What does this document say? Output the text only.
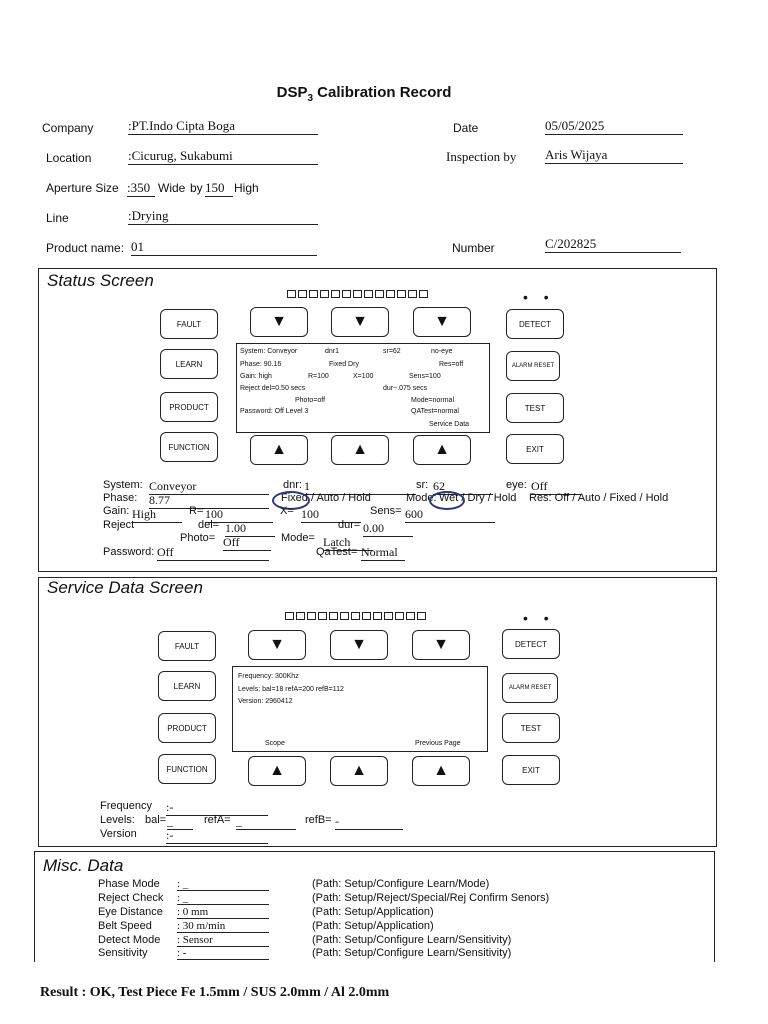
$DSP_3$ Calibration Record
Company	:PT.Indo Cipta Boga
Location	:Cicurug, Sukabumi
Aperture Size :350 Wide by 150 High
Line	:Drying
Product name: 01
Date	05/05/2025
Inspection by Aris Wijaya
Number	C/202825
Status Screen
• •
FAULT
LEARN
PRODUCT
FUNCTION
▼	▼	▼
System: Conveyor	dnr1	sr=62	no-eye
Phase: 90.16	Fixed Dry	Res=off
Gain: high	R=100	X=100	Sens=100
Reject del=0.50 secs	dur~.075 secs
Photo=off	Mode=normal
Password: Off Level 3	QATest=normal
Service Data
▲	▲	▲
DETECT
ALARM RESET
TEST
EXIT
System: Conveyor	dnr: 1	sr: 62	eye: Off
Phase: 8.77	Fixed / Auto / Hold	Mode: Wet / Dry / Hold Res: Off / Auto / Fixed / Hold
Gain: High	R= 100	X= 100	Sens= 600
Reject	del= 1.00	dur= 0.00
Photo= Off	Mode= Latch
Password: Off	QaTest= Normal
Service Data Screen
• •
FAULT
LEARN
PRODUCT
FUNCTION
▼	▼	▼
Frequency: 300Khz
Levels: bal=18 refA=200 refB=112
Version: 2960412
Scope	Previous Page
▲	▲	▲
DETECT
ALARM RESET
TEST
EXIT
Frequency :-
Levels: bal= _	refA= _	refB= -
Version :-
Misc. Data
Phase Mode : _	(Path: Setup/Configure Learn/Mode)
Reject Check : _	(Path: Setup/Reject/Special/Rej Confirm Senors)
Eye Distance : 0 mm	(Path: Setup/Application)
Belt Speed : 30 m/min	(Path: Setup/Application)
Detect Mode : Sensor	(Path: Setup/Configure Learn/Sensitivity)
Sensitivity	: -	(Path: Setup/Configure Learn/Sensitivity)
Result : OK, Test Piece Fe 1.5mm / SUS 2.0mm / Al 2.0mm
